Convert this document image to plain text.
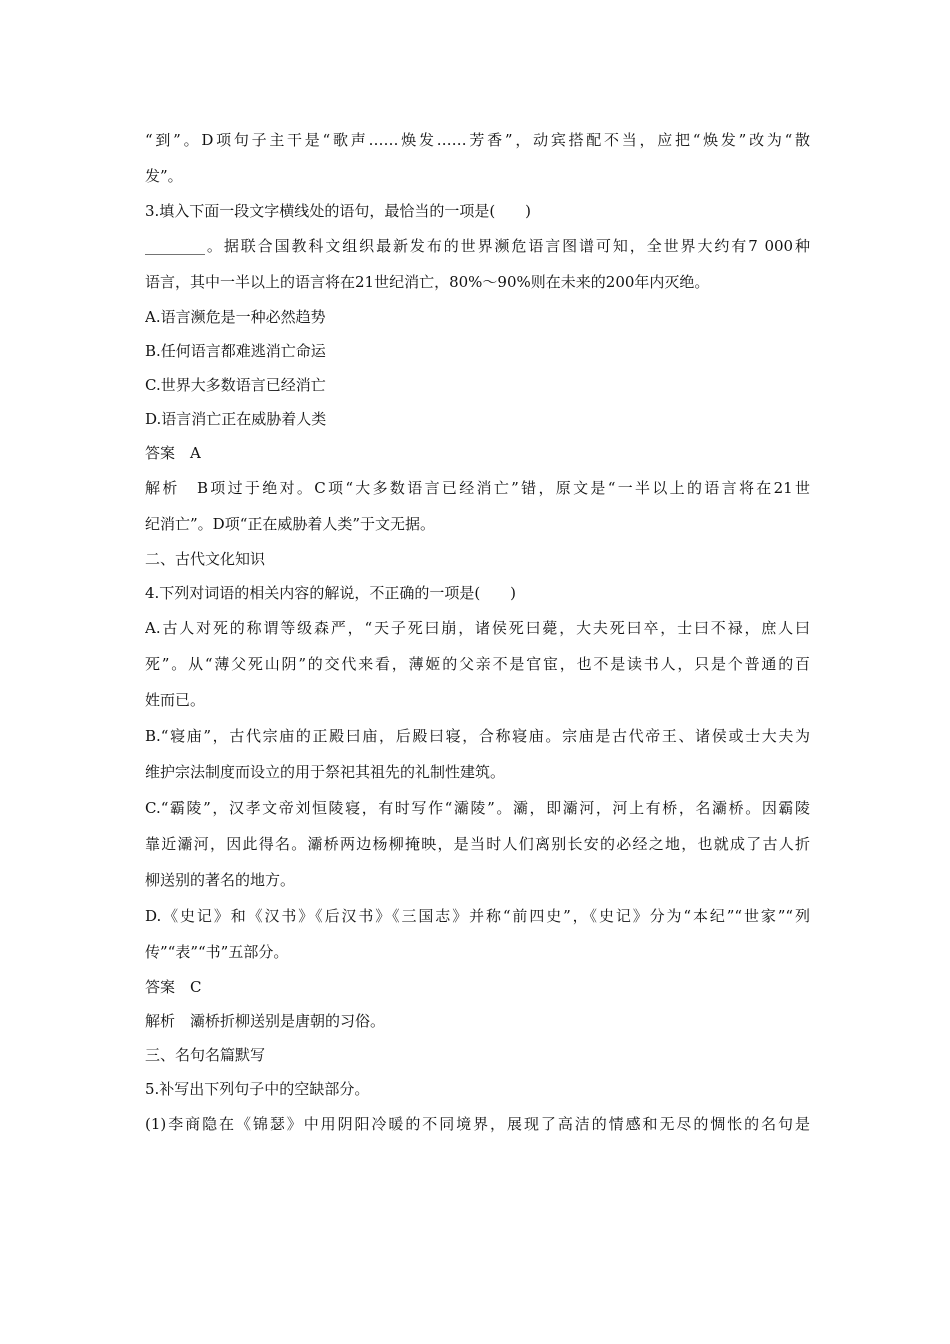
“到”。D项句子主干是“歌声……焕发……芳香”，动宾搭配不当，应把“焕发”改为“散
发”。
3.填入下面一段文字横线处的语句，最恰当的一项是(　　)
________。据联合国教科文组织最新发布的世界濒危语言图谱可知，全世界大约有7 000种
语言，其中一半以上的语言将在21世纪消亡，80%～90%则在未来的200年内灭绝。
A.语言濒危是一种必然趋势
B.任何语言都难逃消亡命运
C.世界大多数语言已经消亡
D.语言消亡正在威胁着人类
答案　A
解析　B项过于绝对。C项“大多数语言已经消亡”错，原文是“一半以上的语言将在21世
纪消亡”。D项“正在威胁着人类”于文无据。
二、古代文化知识
4.下列对词语的相关内容的解说，不正确的一项是(　　)
A.古人对死的称谓等级森严，“天子死曰崩，诸侯死曰薨，大夫死曰卒，士曰不禄，庶人曰
死”。从“薄父死山阴”的交代来看，薄姬的父亲不是官宦，也不是读书人，只是个普通的百
姓而已。
B.“寝庙”，古代宗庙的正殿曰庙，后殿曰寝，合称寝庙。宗庙是古代帝王、诸侯或士大夫为
维护宗法制度而设立的用于祭祀其祖先的礼制性建筑。
C.“霸陵”，汉孝文帝刘恒陵寝，有时写作“灞陵”。灞，即灞河，河上有桥，名灞桥。因霸陵
靠近灞河，因此得名。灞桥两边杨柳掩映，是当时人们离别长安的必经之地，也就成了古人折
柳送别的著名的地方。
D.《史记》和《汉书》《后汉书》《三国志》并称“前四史”，《史记》分为“本纪”“世家”“列
传”“表”“书”五部分。
答案　C
解析　灞桥折柳送别是唐朝的习俗。
三、名句名篇默写
5.补写出下列句子中的空缺部分。
(1)李商隐在《锦瑟》中用阴阳冷暖的不同境界，展现了高洁的情感和无尽的惆怅的名句是
